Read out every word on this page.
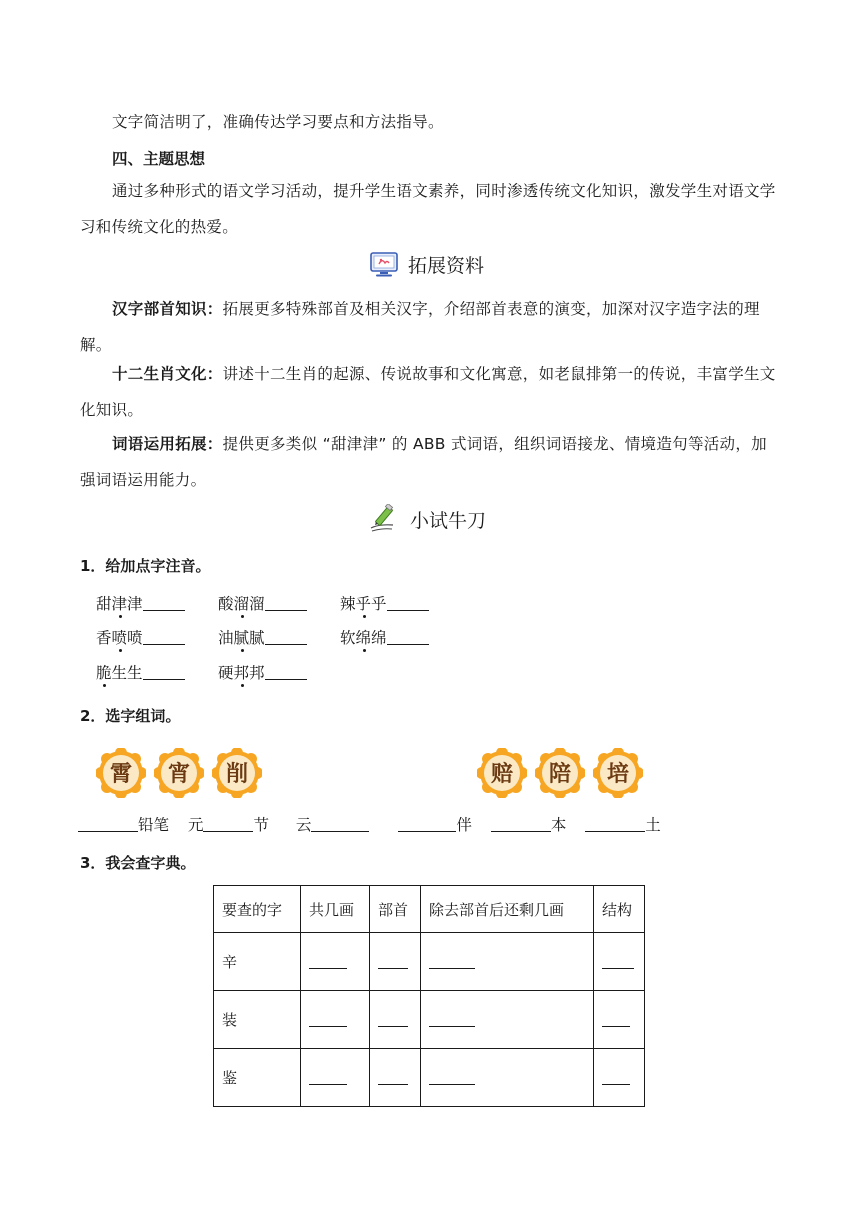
文字简洁明了，准确传达学习要点和方法指导。
四、主题思想
通过多种形式的语文学习活动，提升学生语文素养，同时渗透传统文化知识，激发学生对语文学习和传统文化的热爱。
拓展资料
汉字部首知识：拓展更多特殊部首及相关汉字，介绍部首表意的演变，加深对汉字造字法的理解。
十二生肖文化：讲述十二生肖的起源、传说故事和文化寓意，如老鼠排第一的传说，丰富学生文化知识。
词语运用拓展：提供更多类似 “甜津津” 的 ABB 式词语，组织词语接龙、情境造句等活动，加强词语运用能力。
小试牛刀
1．给加点字注音。
甜津津	酸溜溜	辣乎乎
香喷喷	油腻腻	软绵绵
脆生生	硬邦邦
2．选字组词。
霄 宵 削	赔 陪 培
铅笔 元	节 云	伴	本	土
3．我会查字典。
要查的字	共几画	部首	除去部首后还剩几画	结构
辛				
装				
鉴				
